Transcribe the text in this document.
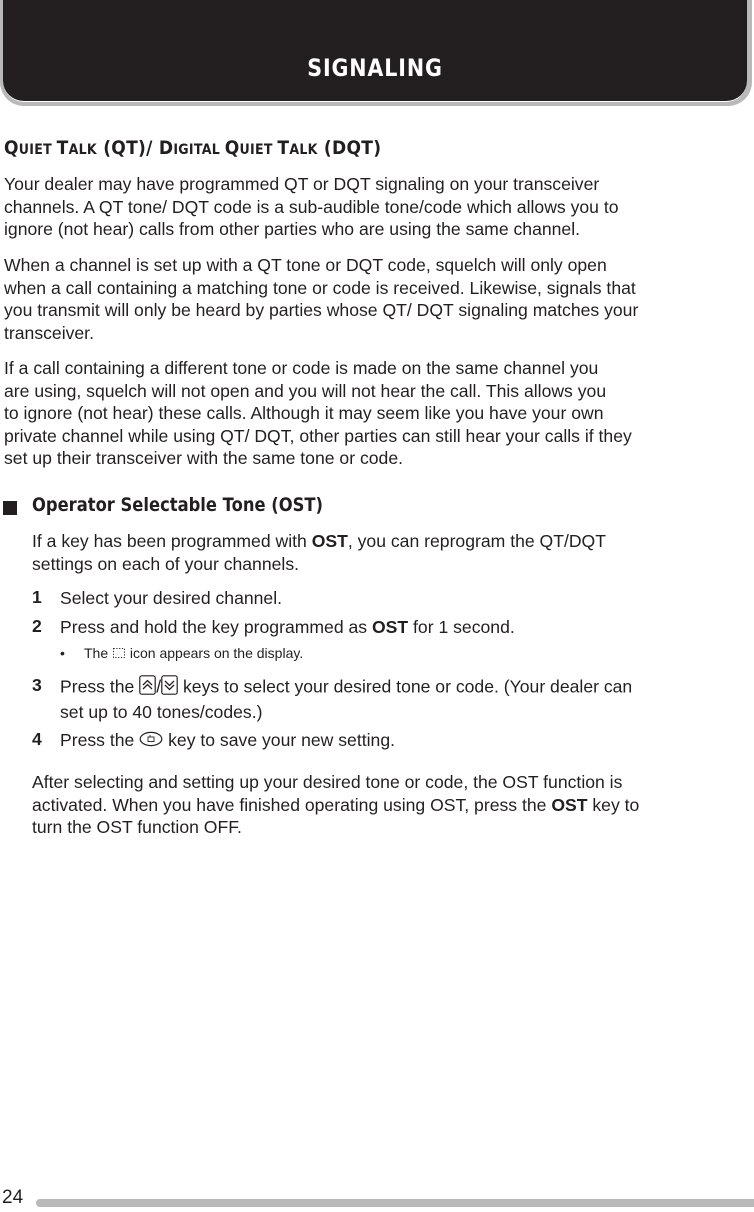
SIGNALING
QUIET TALK (QT)/ DIGITAL QUIET TALK (DQT)
Your dealer may have programmed QT or DQT signaling on your transceiver
channels. A QT tone/ DQT code is a sub-audible tone/code which allows you to
ignore (not hear) calls from other parties who are using the same channel.
When a channel is set up with a QT tone or DQT code, squelch will only open
when a call containing a matching tone or code is received. Likewise, signals that
you transmit will only be heard by parties whose QT/ DQT signaling matches your
transceiver.
If a call containing a different tone or code is made on the same channel you
are using, squelch will not open and you will not hear the call. This allows you
to ignore (not hear) these calls. Although it may seem like you have your own
private channel while using QT/ DQT, other parties can still hear your calls if they
set up their transceiver with the same tone or code.
Operator Selectable Tone (OST)
If a key has been programmed with OST, you can reprogram the QT/DQT
settings on each of your channels.
1 Select your desired channel.
2 Press and hold the key programmed as OST for 1 second.
• The  icon appears on the display.
3 Press the / keys to select your desired tone or code. (Your dealer can
set up to 40 tones/codes.)
4 Press the  key to save your new setting.
After selecting and setting up your desired tone or code, the OST function is
activated. When you have finished operating using OST, press the OST key to
turn the OST function OFF.
24
